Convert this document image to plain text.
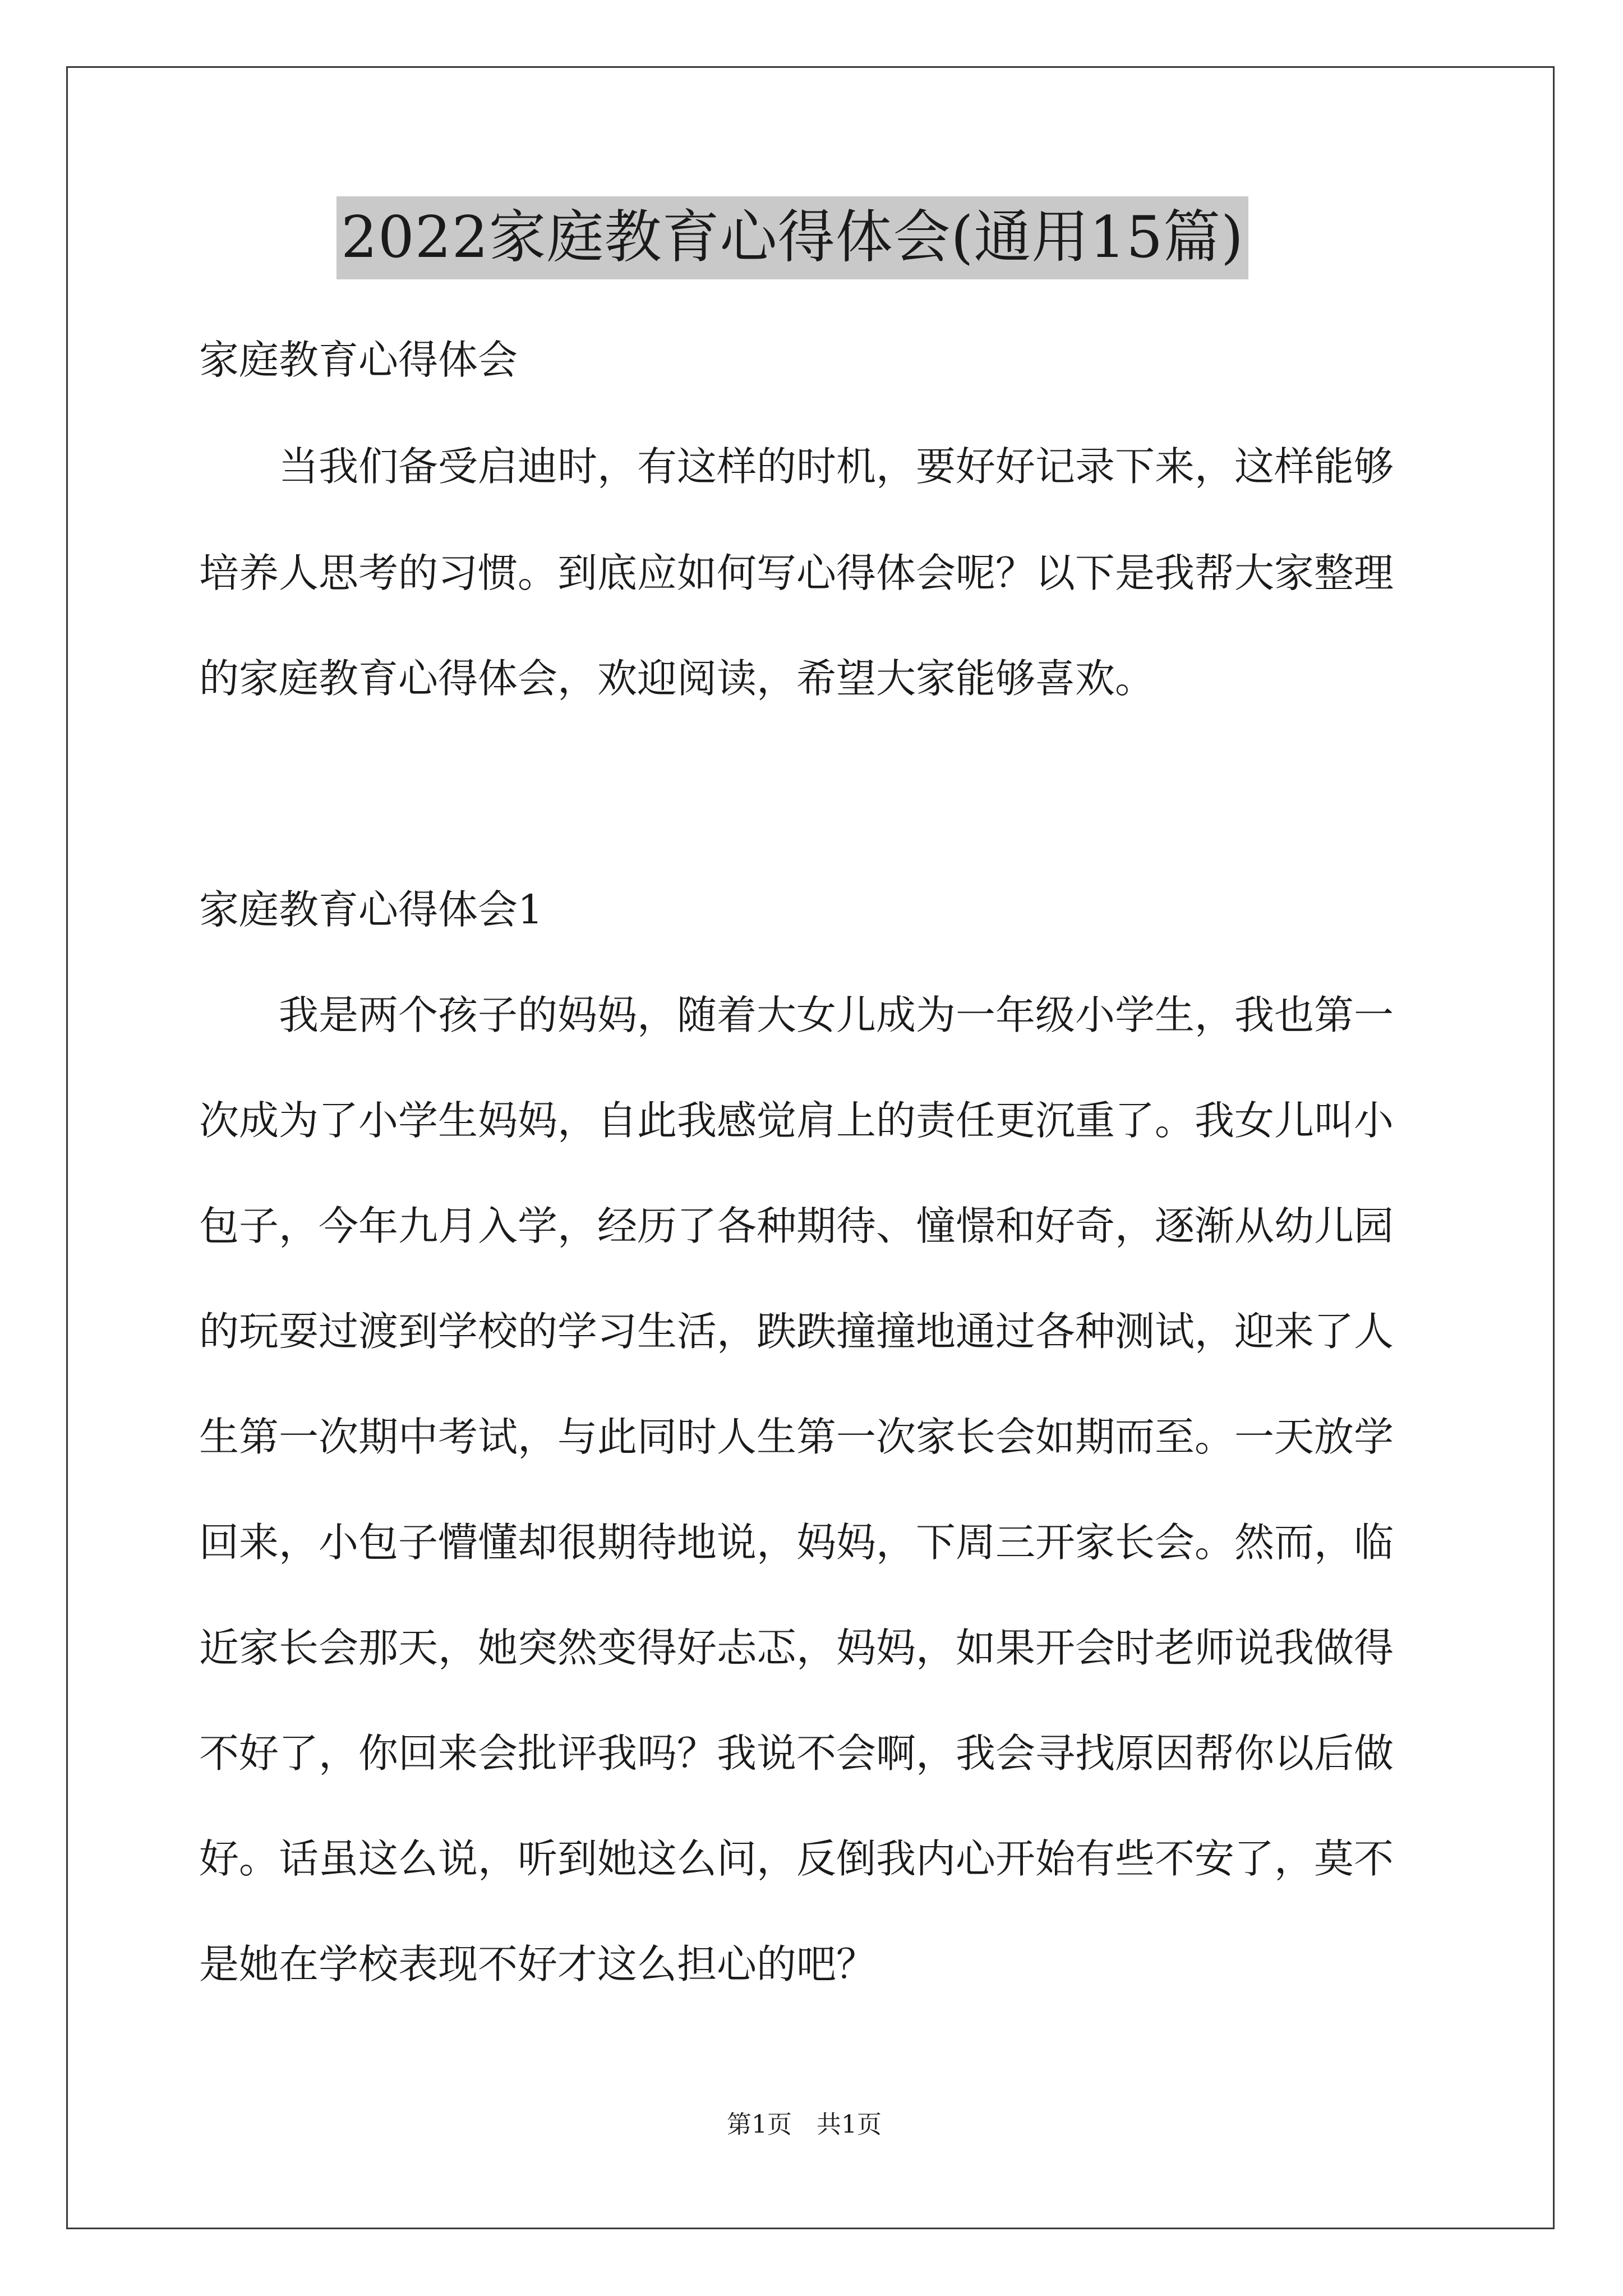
2022家庭教育心得体会(通用15篇)
家庭教育心得体会
　　当我们备受启迪时，有这样的时机，要好好记录下来，这样能够
培养人思考的习惯。到底应如何写心得体会呢？以下是我帮大家整理
的家庭教育心得体会，欢迎阅读，希望大家能够喜欢。
家庭教育心得体会1
　　我是两个孩子的妈妈，随着大女儿成为一年级小学生，我也第一
次成为了小学生妈妈，自此我感觉肩上的责任更沉重了。我女儿叫小
包子，今年九月入学，经历了各种期待、憧憬和好奇，逐渐从幼儿园
的玩耍过渡到学校的学习生活，跌跌撞撞地通过各种测试，迎来了人
生第一次期中考试，与此同时人生第一次家长会如期而至。一天放学
回来，小包子懵懂却很期待地说，妈妈，下周三开家长会。然而，临
近家长会那天，她突然变得好忐忑，妈妈，如果开会时老师说我做得
不好了，你回来会批评我吗？我说不会啊，我会寻找原因帮你以后做
好。话虽这么说，听到她这么问，反倒我内心开始有些不安了，莫不
是她在学校表现不好才这么担心的吧？
第1页　共1页
